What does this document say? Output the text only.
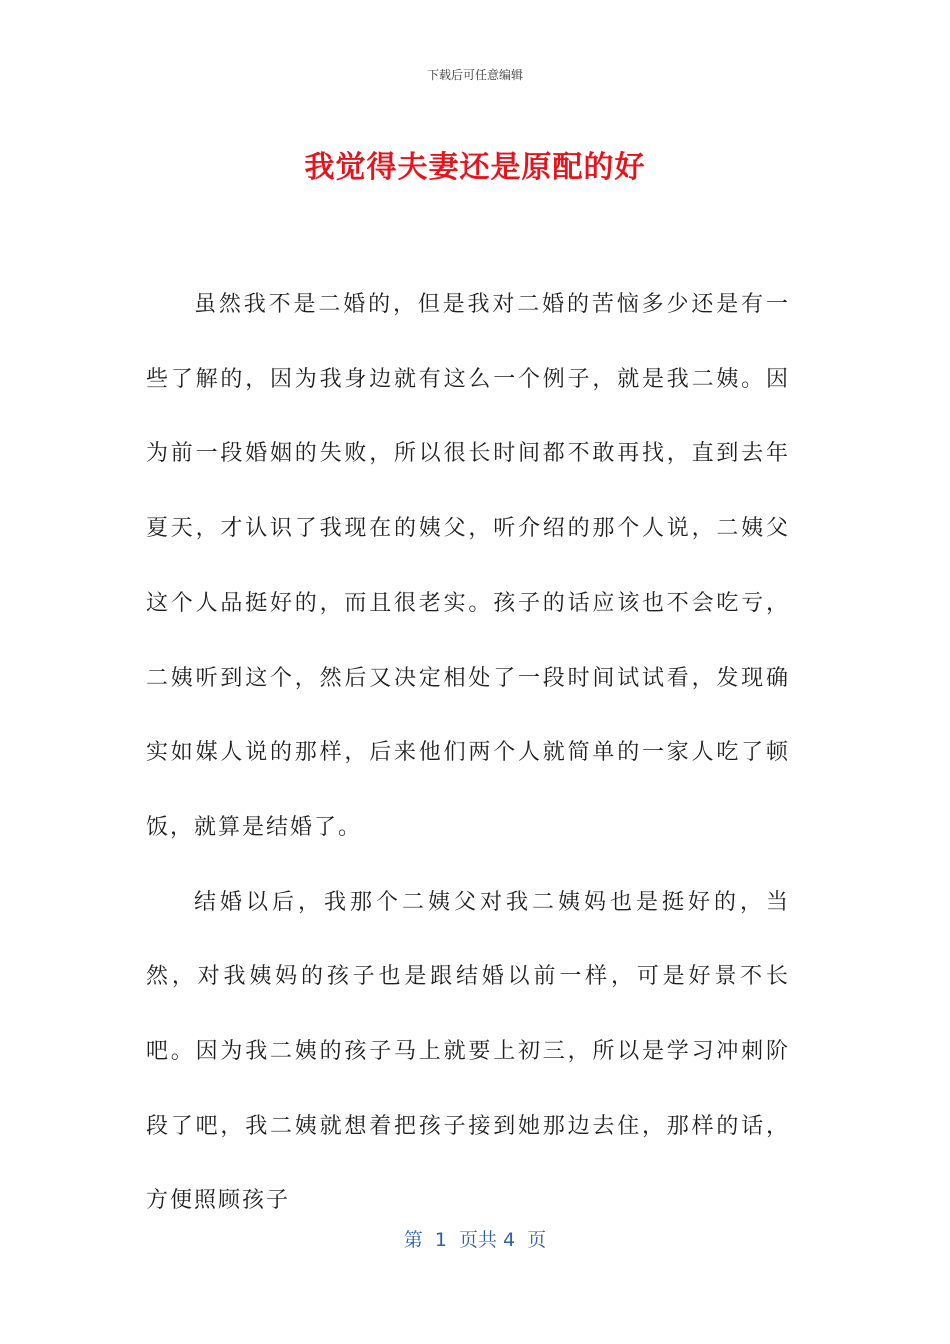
下载后可任意编辑
我觉得夫妻还是原配的好

虽然我不是二婚的，但是我对二婚的苦恼多少还是有一些了解的，因为我身边就有这么一个例子，就是我二姨。因为前一段婚姻的失败，所以很长时间都不敢再找，直到去年夏天，才认识了我现在的姨父，听介绍的那个人说，二姨父这个人品挺好的，而且很老实。孩子的话应该也不会吃亏，二姨听到这个，然后又决定相处了一段时间试试看，发现确实如媒人说的那样，后来他们两个人就简单的一家人吃了顿饭，就算是结婚了。

结婚以后，我那个二姨父对我二姨妈也是挺好的，当然，对我姨妈的孩子也是跟结婚以前一样，可是好景不长吧。因为我二姨的孩子马上就要上初三，所以是学习冲刺阶段了吧，我二姨就想着把孩子接到她那边去住，那样的话，方便照顾孩子

第  1  页共 4  页
